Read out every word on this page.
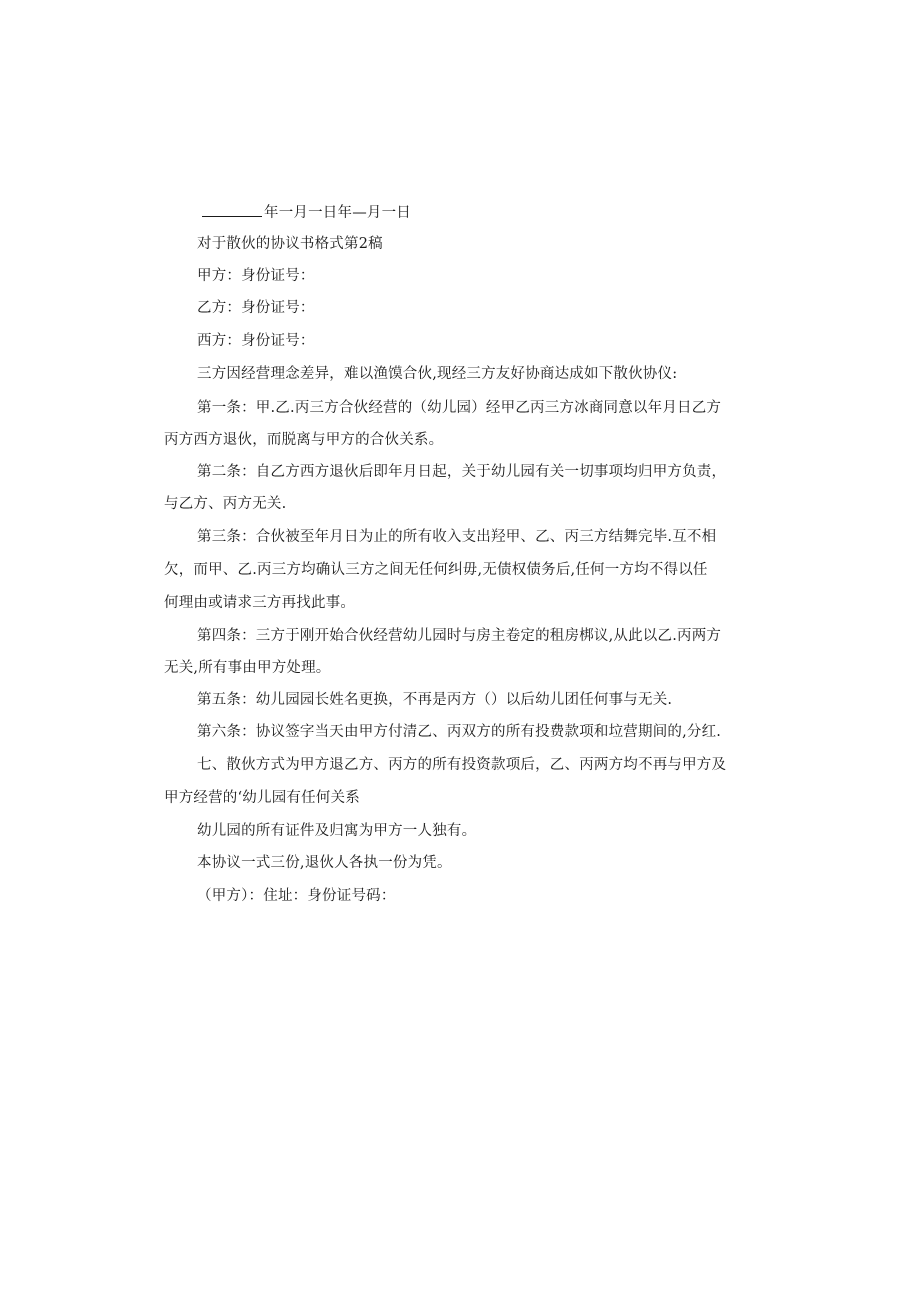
年一月一日年—月一日
对于散伙的协议书格式第2稿
甲方：身份证号：
乙方：身份证号：
西方：身份证号：
三方因经营理念差异，难以渔馍合伙,现经三方友好协商达成如下散伙协仪:
第一条：甲.乙.丙三方合伙经营的（幼儿园）经甲乙丙三方冰商同意以年月日乙方
丙方西方退伙，而脱离与甲方的合伙关系。
第二条：自乙方西方退伙后即年月日起，关于幼儿园有关一切事项均归甲方负责，
与乙方、丙方无关.
第三条：合伙被至年月日为止的所有收入支出羟甲、乙、丙三方结舞完毕.互不相
欠，而甲、乙.丙三方均确认三方之间无任何纠毋,无债权债务后,任何一方均不得以任
何理由或请求三方再找此事。
第四条：三方于刚开始合伙经营幼儿园时与房主卷定的租房梆议,从此以乙.丙两方
无关,所有事由甲方处理。
第五条：幼儿园园长姓名更换，不再是丙方（）以后幼儿团任何事与无关.
第六条：协议签字当天由甲方付清乙、丙双方的所有投费款项和垃营期间的,分红.
七、散伙方式为甲方退乙方、丙方的所有投资款项后，乙、丙两方均不再与甲方及
甲方经营的‘幼儿园有任何关系
幼儿园的所有证件及归寓为甲方一人独有。
本协议一式三份,退伙人各执一份为凭。
（甲方）：住址：身份证号码：
